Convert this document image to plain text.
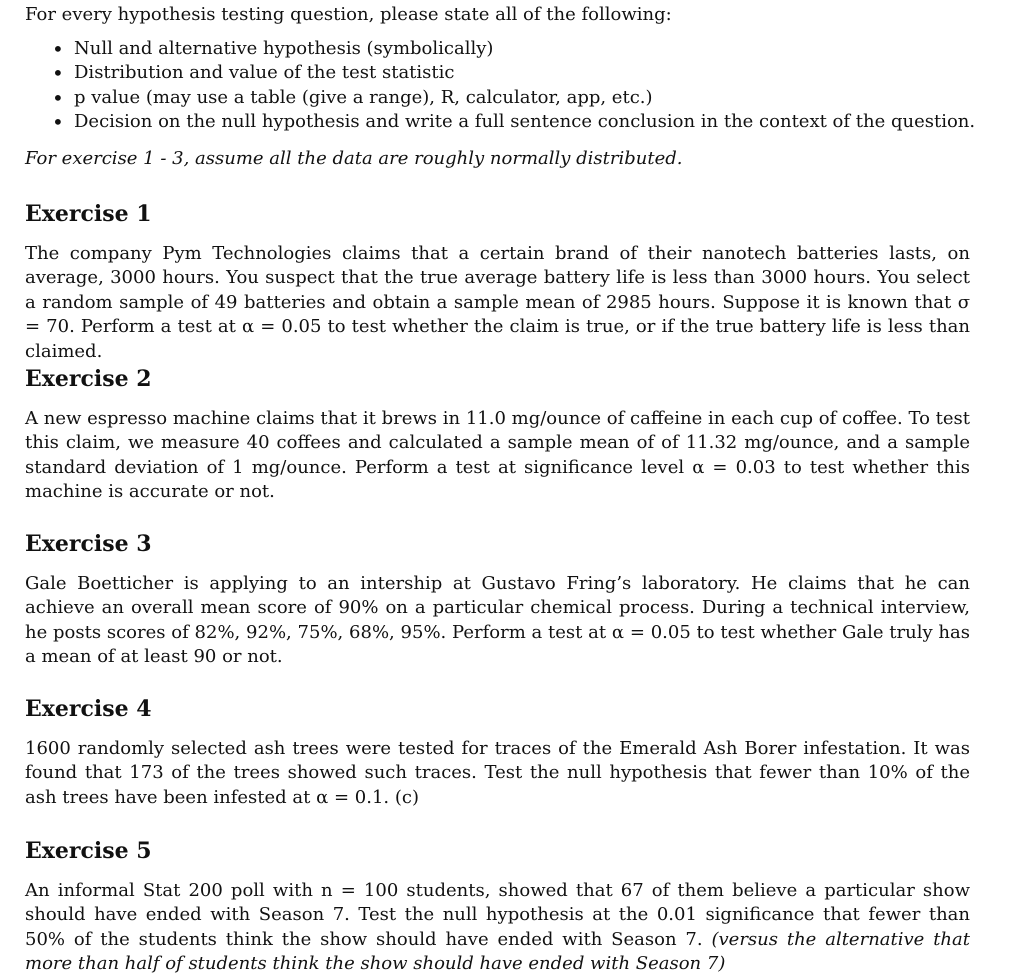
For every hypothesis testing question, please state all of the following:

• Null and alternative hypothesis (symbolically)
• Distribution and value of the test statistic
• p value (may use a table (give a range), R, calculator, app, etc.)
• Decision on the null hypothesis and write a full sentence conclusion in the context of the question.

For exercise 1 - 3, assume all the data are roughly normally distributed.

Exercise 1

The company Pym Technologies claims that a certain brand of their nanotech batteries lasts, on average, 3000 hours. You suspect that the true average battery life is less than 3000 hours. You select a random sample of 49 batteries and obtain a sample mean of 2985 hours. Suppose it is known that σ = 70. Perform a test at α = 0.05 to test whether the claim is true, or if the true battery life is less than claimed.

Exercise 2

A new espresso machine claims that it brews in 11.0 mg/ounce of caffeine in each cup of coffee. To test this claim, we measure 40 coffees and calculated a sample mean of of 11.32 mg/ounce, and a sample standard deviation of 1 mg/ounce. Perform a test at significance level α = 0.03 to test whether this machine is accurate or not.

Exercise 3

Gale Boetticher is applying to an intership at Gustavo Fring’s laboratory. He claims that he can achieve an overall mean score of 90% on a particular chemical process. During a technical interview, he posts scores of 82%, 92%, 75%, 68%, 95%. Perform a test at α = 0.05 to test whether Gale truly has a mean of at least 90 or not.

Exercise 4

1600 randomly selected ash trees were tested for traces of the Emerald Ash Borer infestation. It was found that 173 of the trees showed such traces. Test the null hypothesis that fewer than 10% of the ash trees have been infested at α = 0.1. (c)

Exercise 5

An informal Stat 200 poll with n = 100 students, showed that 67 of them believe a particular show should have ended with Season 7. Test the null hypothesis at the 0.01 significance that fewer than 50% of the students think the show should have ended with Season 7. (versus the alternative that more than half of students think the show should have ended with Season 7)
